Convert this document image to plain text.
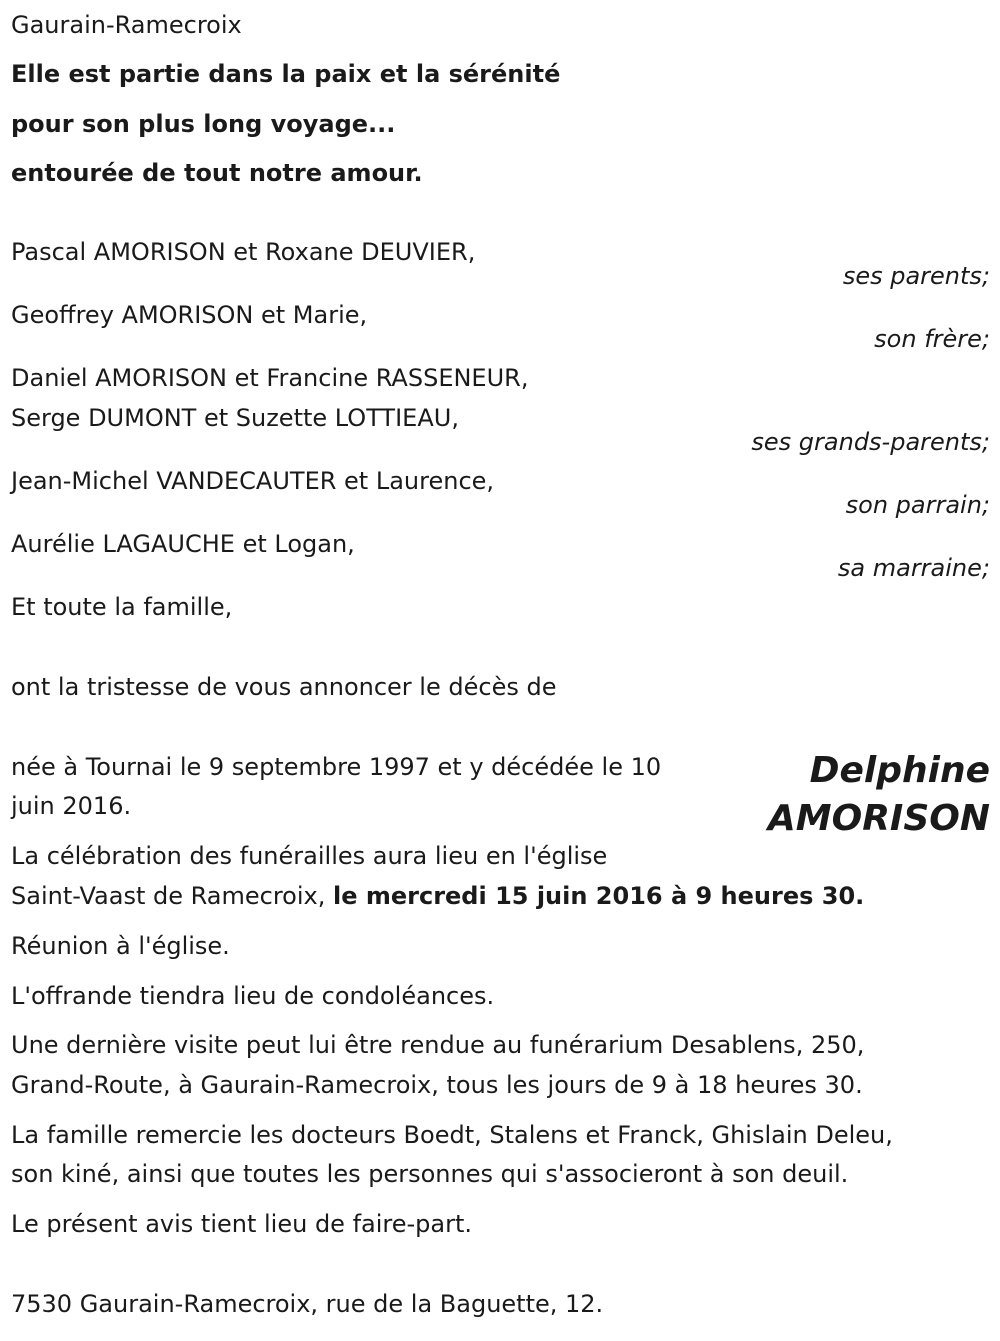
Gaurain-Ramecroix
Elle est partie dans la paix et la sérénité
pour son plus long voyage...
entourée de tout notre amour.
Pascal AMORISON et Roxane DEUVIER,
ses parents;
Geoffrey AMORISON et Marie,
son frère;
Daniel AMORISON et Francine RASSENEUR,
Serge DUMONT et Suzette LOTTIEAU,
ses grands-parents;
Jean-Michel VANDECAUTER et Laurence,
son parrain;
Aurélie LAGAUCHE et Logan,
sa marraine;
Et toute la famille,
ont la tristesse de vous annoncer le décès de
Delphine
AMORISON
née à Tournai le 9 septembre 1997 et y décédée le 10
juin 2016.
La célébration des funérailles aura lieu en l'église
Saint-Vaast de Ramecroix, le mercredi 15 juin 2016 à 9 heures 30.
Réunion à l'église.
L'offrande tiendra lieu de condoléances.
Une dernière visite peut lui être rendue au funérarium Desablens, 250,
Grand-Route, à Gaurain-Ramecroix, tous les jours de 9 à 18 heures 30.
La famille remercie les docteurs Boedt, Stalens et Franck, Ghislain Deleu,
son kiné, ainsi que toutes les personnes qui s'associeront à son deuil.
Le présent avis tient lieu de faire-part.
7530 Gaurain-Ramecroix, rue de la Baguette, 12.
